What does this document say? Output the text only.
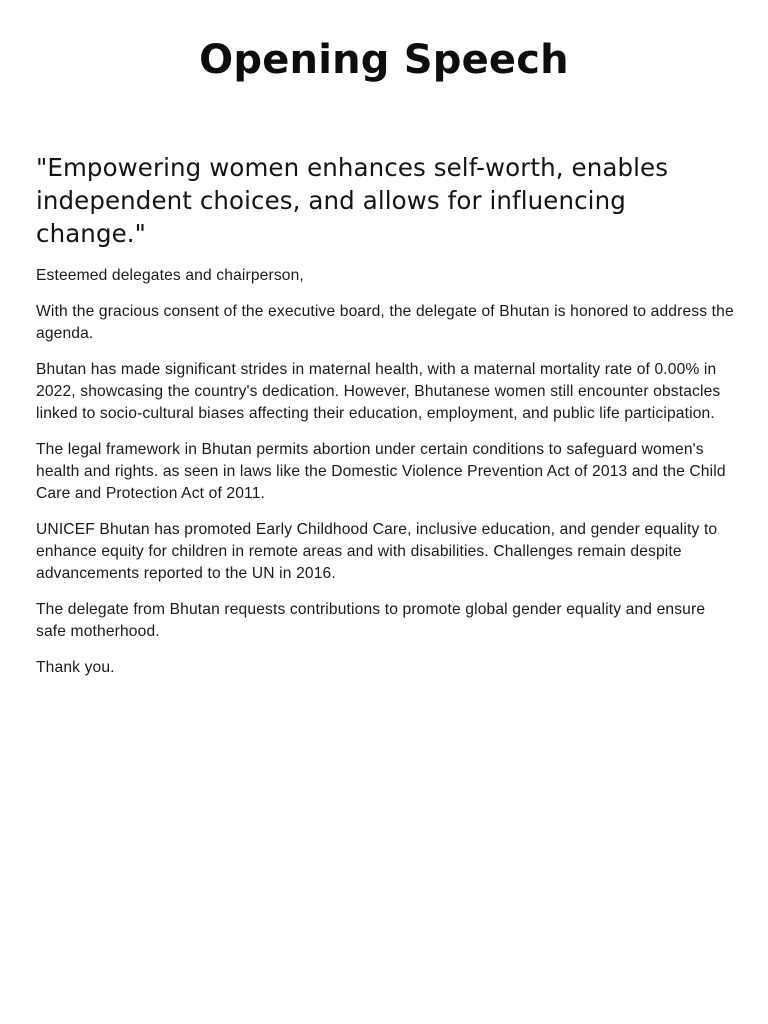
Opening Speech

"Empowering women enhances self-worth, enables independent choices, and allows for influencing change."

Esteemed delegates and chairperson,

With the gracious consent of the executive board, the delegate of Bhutan is honored to address the agenda.

Bhutan has made significant strides in maternal health, with a maternal mortality rate of 0.00% in 2022, showcasing the country's dedication. However, Bhutanese women still encounter obstacles linked to socio-cultural biases affecting their education, employment, and public life participation.

The legal framework in Bhutan permits abortion under certain conditions to safeguard women's health and rights. as seen in laws like the Domestic Violence Prevention Act of 2013 and the Child Care and Protection Act of 2011.

UNICEF Bhutan has promoted Early Childhood Care, inclusive education, and gender equality to enhance equity for children in remote areas and with disabilities. Challenges remain despite advancements reported to the UN in 2016.

The delegate from Bhutan requests contributions to promote global gender equality and ensure safe motherhood.

Thank you.
